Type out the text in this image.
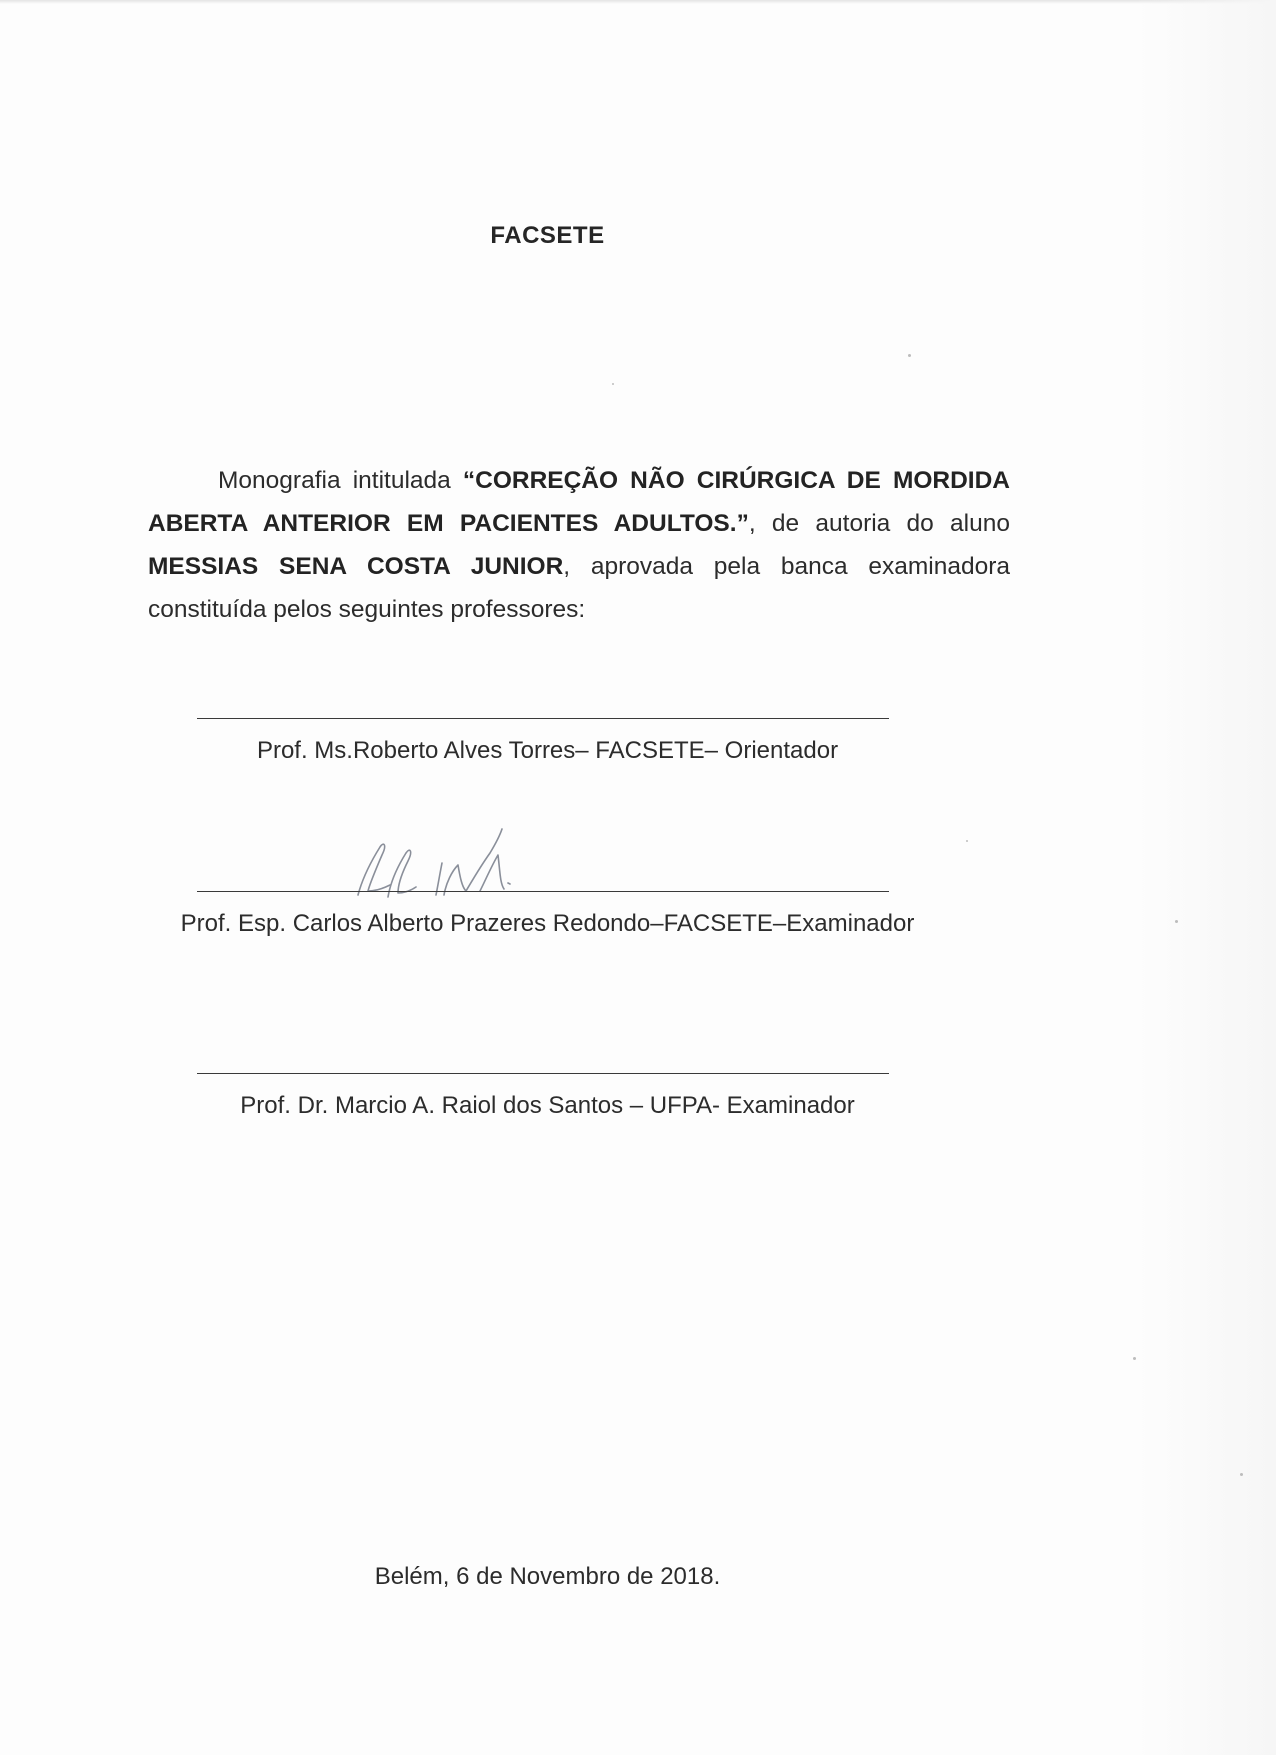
FACSETE

Monografia intitulada “CORREÇÃO NÃO CIRÚRGICA DE MORDIDA ABERTA ANTERIOR EM PACIENTES ADULTOS.”, de autoria do aluno MESSIAS SENA COSTA JUNIOR, aprovada pela banca examinadora constituída pelos seguintes professores:

Prof. Ms.Roberto Alves Torres– FACSETE– Orientador
Prof. Esp. Carlos Alberto Prazeres Redondo–FACSETE–Examinador
Prof. Dr. Marcio A. Raiol dos Santos – UFPA- Examinador
Belém, 6 de Novembro de 2018.
